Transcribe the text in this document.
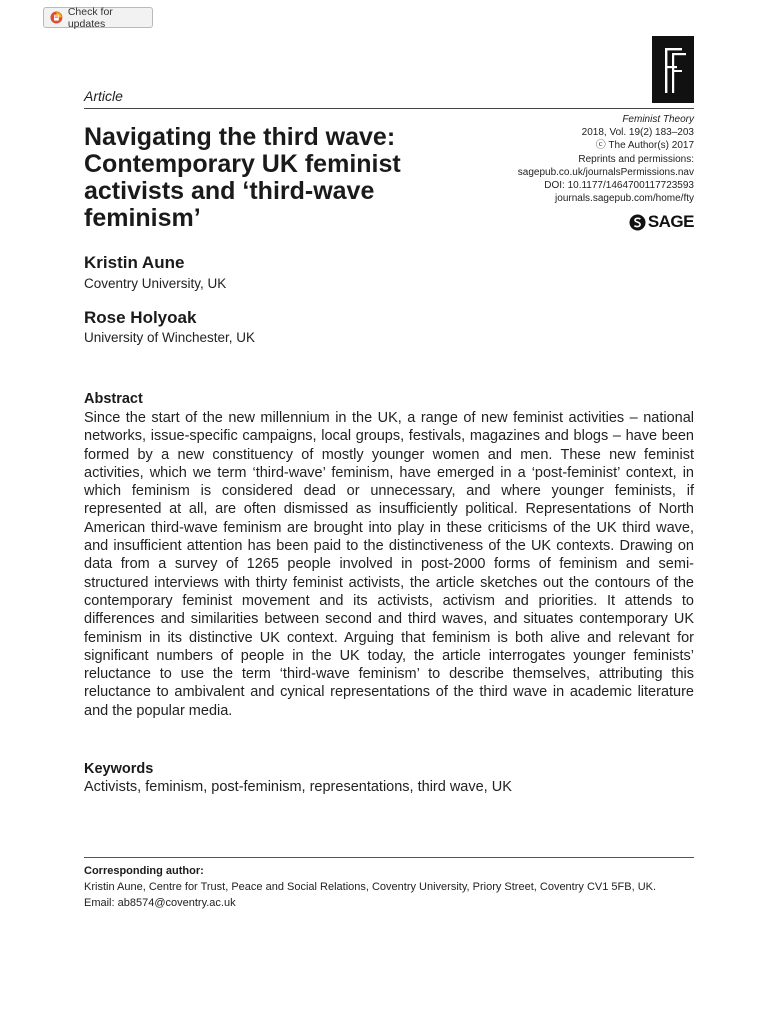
Check for updates
Article
Feminist Theory
2018, Vol. 19(2) 183–203
ⓒ The Author(s) 2017
Reprints and permissions:
sagepub.co.uk/journalsPermissions.nav
DOI: 10.1177/1464700117723593
journals.sagepub.com/home/fty
SAGE
Navigating the third wave: Contemporary UK feminist activists and ‘third-wave feminism’
Kristin Aune
Coventry University, UK
Rose Holyoak
University of Winchester, UK
Abstract

Since the start of the new millennium in the UK, a range of new feminist activities – national networks, issue-specific campaigns, local groups, festivals, magazines and blogs – have been formed by a new constituency of mostly younger women and men. These new feminist activities, which we term ‘third-wave’ feminism, have emerged in a ‘post-feminist’ context, in which feminism is considered dead or unnecessary, and where younger feminists, if represented at all, are often dismissed as insufficiently political. Representations of North American third-wave feminism are brought into play in these criticisms of the UK third wave, and insufficient attention has been paid to the distinctiveness of the UK contexts. Drawing on data from a survey of 1265 people involved in post-2000 forms of feminism and semi-structured interviews with thirty feminist activists, the article sketches out the contours of the contemporary feminist movement and its activists, activism and priorities. It attends to differences and similarities between second and third waves, and situates contemporary UK feminism in its distinctive UK context. Arguing that feminism is both alive and relevant for significant numbers of people in the UK today, the article interrogates younger feminists’ reluctance to use the term ‘third-wave feminism’ to describe themselves, attributing this reluctance to ambivalent and cynical representations of the third wave in academic literature and the popular media.

Keywords
Activists, feminism, post-feminism, representations, third wave, UK
Corresponding author:
Kristin Aune, Centre for Trust, Peace and Social Relations, Coventry University, Priory Street, Coventry CV1 5FB, UK.
Email: ab8574@coventry.ac.uk
